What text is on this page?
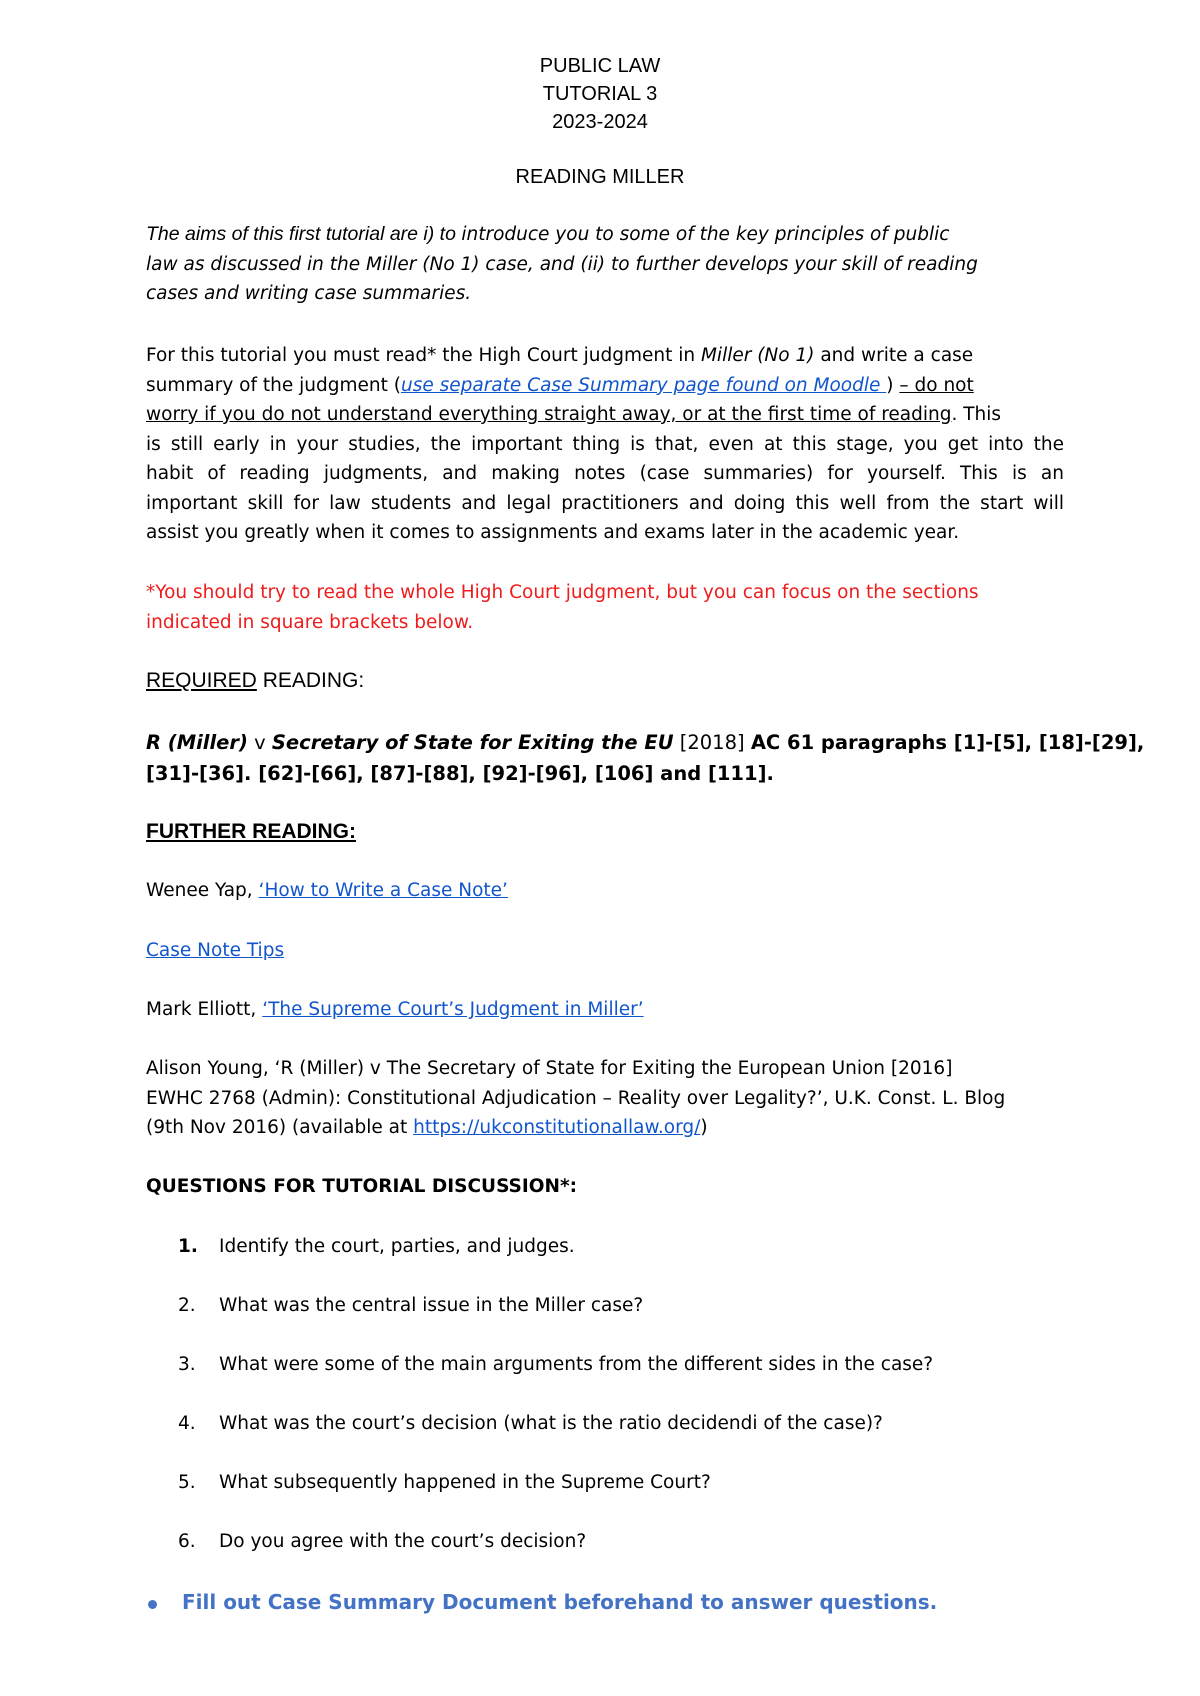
PUBLIC LAW
TUTORIAL 3
2023-2024
READING MILLER
The aims of this first tutorial are i) to introduce you to some of the key principles of public
law as discussed in the Miller (No 1) case, and (ii) to further develops your skill of reading
cases and writing case summaries.
For this tutorial you must read* the High Court judgment in Miller (No 1) and write a case
summary of the judgment (use separate Case Summary page found on Moodle ) – do not
worry if you do not understand everything straight away, or at the first time of reading. This
is still early in your studies, the important thing is that, even at this stage, you get into the
habit of reading judgments, and making notes (case summaries) for yourself. This is an
important skill for law students and legal practitioners and doing this well from the start will
assist you greatly when it comes to assignments and exams later in the academic year.
*You should try to read the whole High Court judgment, but you can focus on the sections
indicated in square brackets below.
REQUIRED READING:
R (Miller) v Secretary of State for Exiting the EU [2018] AC 61 paragraphs [1]-[5], [18]-[29],
[31]-[36]. [62]-[66], [87]-[88], [92]-[96], [106] and [111].
FURTHER READING:
Wenee Yap, ‘How to Write a Case Note’
Case Note Tips
Mark Elliott, ‘The Supreme Court’s Judgment in Miller’
Alison Young, ‘R (Miller) v The Secretary of State for Exiting the European Union [2016]
EWHC 2768 (Admin): Constitutional Adjudication – Reality over Legality?’, U.K. Const. L. Blog
(9th Nov 2016) (available at https://ukconstitutionallaw.org/)
QUESTIONS FOR TUTORIAL DISCUSSION*:
1. Identify the court, parties, and judges.
2. What was the central issue in the Miller case?
3. What were some of the main arguments from the different sides in the case?
4. What was the court’s decision (what is the ratio decidendi of the case)?
5. What subsequently happened in the Supreme Court?
6. Do you agree with the court’s decision?
Fill out Case Summary Document beforehand to answer questions.
